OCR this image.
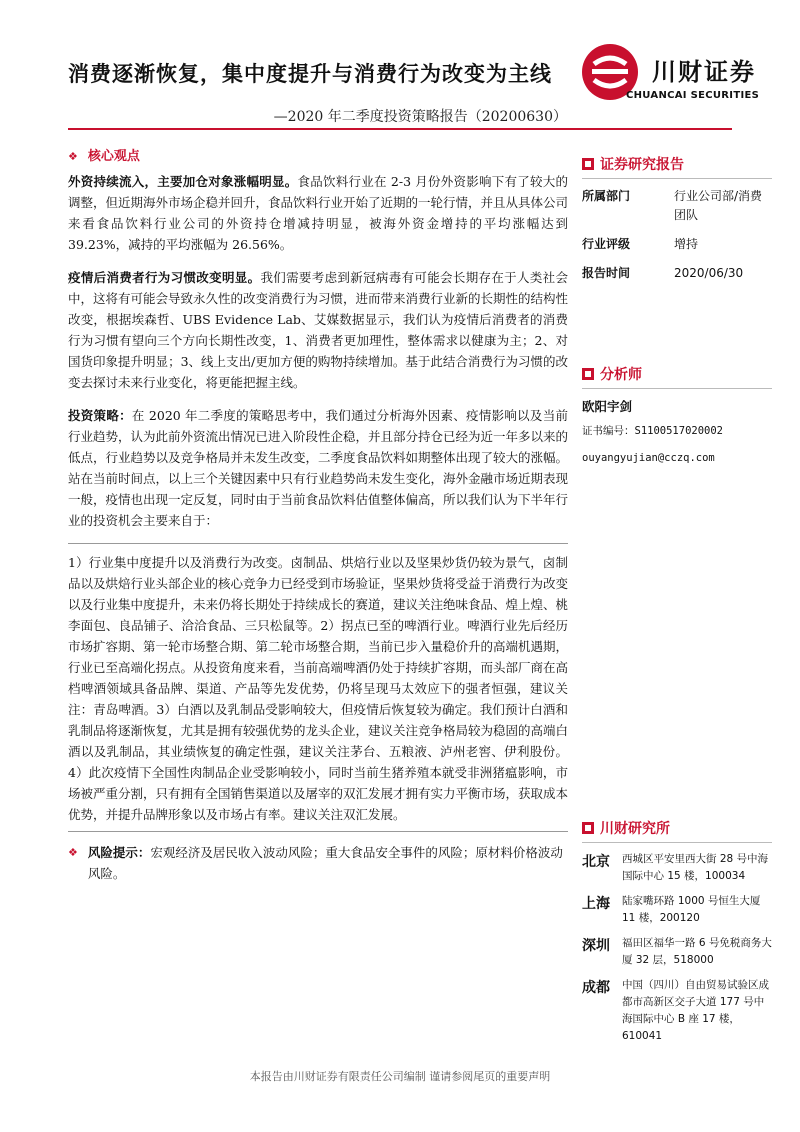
消费逐渐恢复，集中度提升与消费行为改变为主线
—2020 年二季度投资策略报告（20200630）
川财证券
CHUANCAI SECURITIES
❖ 核心观点

外资持续流入，主要加仓对象涨幅明显。食品饮料行业在 2-3 月份外资影响下有了较大的调整，但近期海外市场企稳并回升，食品饮料行业开始了近期的一轮行情，并且从具体公司来看食品饮料行业公司的外资持仓增减持明显，被海外资金增持的平均涨幅达到 39.23%，减持的平均涨幅为 26.56%。

疫情后消费者行为习惯改变明显。我们需要考虑到新冠病毒有可能会长期存在于人类社会中，这将有可能会导致永久性的改变消费行为习惯，进而带来消费行业新的长期性的结构性改变，根据埃森哲、UBS Evidence Lab、艾媒数据显示，我们认为疫情后消费者的消费行为习惯有望向三个方向长期性改变，1、消费者更加理性，整体需求以健康为主；2、对国货印象提升明显；3、线上支出/更加方便的购物持续增加。基于此结合消费行为习惯的改变去探讨未来行业变化，将更能把握主线。

投资策略：在 2020 年二季度的策略思考中，我们通过分析海外因素、疫情影响以及当前行业趋势，认为此前外资流出情况已进入阶段性企稳，并且部分持仓已经为近一年多以来的低点，行业趋势以及竞争格局并未发生改变，二季度食品饮料如期整体出现了较大的涨幅。站在当前时间点，以上三个关键因素中只有行业趋势尚未发生变化，海外金融市场近期表现一般，疫情也出现一定反复，同时由于当前食品饮料估值整体偏高，所以我们认为下半年行业的投资机会主要来自于：

1）行业集中度提升以及消费行为改变。卤制品、烘焙行业以及坚果炒货仍较为景气，卤制品以及烘焙行业头部企业的核心竞争力已经受到市场验证，坚果炒货将受益于消费行为改变以及行业集中度提升，未来仍将长期处于持续成长的赛道，建议关注绝味食品、煌上煌、桃李面包、良品铺子、洽洽食品、三只松鼠等。2）拐点已至的啤酒行业。啤酒行业先后经历市场扩容期、第一轮市场整合期、第二轮市场整合期，当前已步入量稳价升的高端机遇期，行业已至高端化拐点。从投资角度来看，当前高端啤酒仍处于持续扩容期，而头部厂商在高档啤酒领域具备品牌、渠道、产品等先发优势，仍将呈现马太效应下的强者恒强，建议关注：青岛啤酒。3）白酒以及乳制品受影响较大，但疫情后恢复较为确定。我们预计白酒和乳制品将逐渐恢复，尤其是拥有较强优势的龙头企业，建议关注竞争格局较为稳固的高端白酒以及乳制品，其业绩恢复的确定性强，建议关注茅台、五粮液、泸州老窖、伊利股份。4）此次疫情下全国性肉制品企业受影响较小，同时当前生猪养殖本就受非洲猪瘟影响，市场被严重分割，只有拥有全国销售渠道以及屠宰的双汇发展才拥有实力平衡市场，获取成本优势，并提升品牌形象以及市场占有率。建议关注双汇发展。

❖ 风险提示：宏观经济及居民收入波动风险；重大食品安全事件的风险；原材料价格波动风险。
证券研究报告
所属部门	行业公司部/消费团队
行业评级	增持
报告时间	2020/06/30
分析师
欧阳宇剑
证书编号：S1100517020002
ouyangyujian@cczq.com
川财研究所
北京	西城区平安里西大街 28 号中海国际中心 15 楼，100034
上海	陆家嘴环路 1000 号恒生大厦 11 楼，200120
深圳	福田区福华一路 6 号免税商务大厦 32 层，518000
成都	中国（四川）自由贸易试验区成都市高新区交子大道 177 号中海国际中心 B 座 17 楼，610041
本报告由川财证券有限责任公司编制 谨请参阅尾页的重要声明
